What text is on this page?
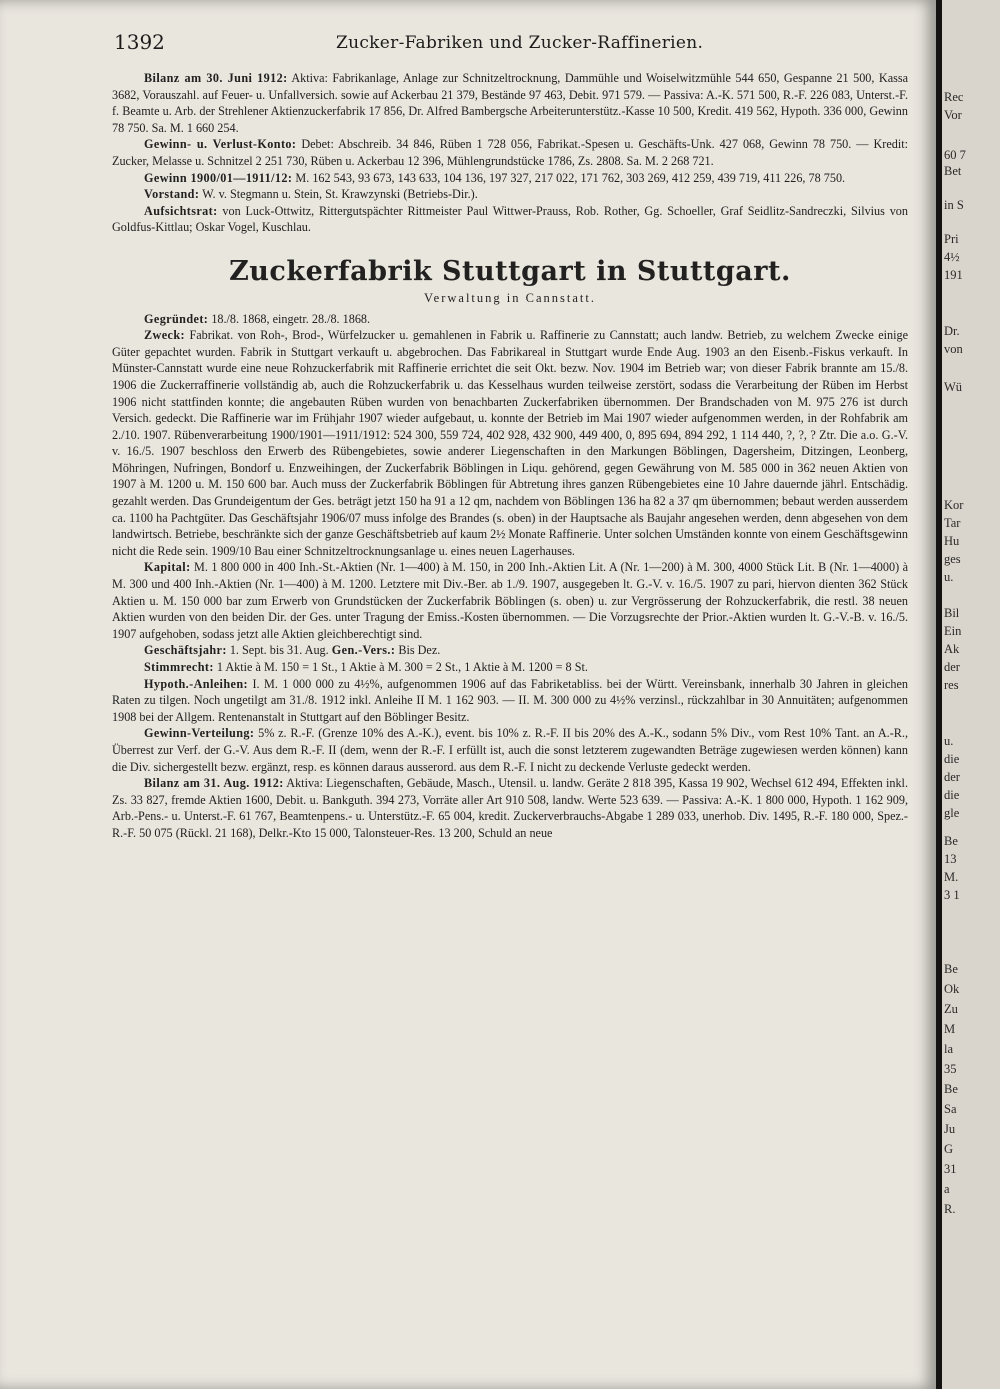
1392	Zucker-Fabriken und Zucker-Raffinerien.

Bilanz am 30. Juni 1912: Aktiva: Fabrikanlage, Anlage zur Schnitzeltrocknung, Dammühle und Woiselwitzmühle 544 650, Gespanne 21 500, Kassa 3682, Vorauszahl. auf Feuer- u. Unfallversich. sowie auf Ackerbau 21 379, Bestände 97 463, Debit. 971 579. — Passiva: A.-K. 571 500, R.-F. 226 083, Unterst.-F. f. Beamte u. Arb. der Strehlener Aktienzuckerfabrik 17 856, Dr. Alfred Bambergsche Arbeiterunterstütz.-Kasse 10 500, Kredit. 419 562, Hypoth. 336 000, Gewinn 78 750. Sa. M. 1 660 254.

Gewinn- u. Verlust-Konto: Debet: Abschreib. 34 846, Rüben 1 728 056, Fabrikat.-Spesen u. Geschäfts-Unk. 427 068, Gewinn 78 750. — Kredit: Zucker, Melasse u. Schnitzel 2 251 730, Rüben u. Ackerbau 12 396, Mühlengrundstücke 1786, Zs. 2808. Sa. M. 2 268 721.

Gewinn 1900/01—1911/12: M. 162 543, 93 673, 143 633, 104 136, 197 327, 217 022, 171 762, 303 269, 412 259, 439 719, 411 226, 78 750.

Vorstand: W. v. Stegmann u. Stein, St. Krawzynski (Betriebs-Dir.).

Aufsichtsrat: von Luck-Ottwitz, Rittergutspächter Rittmeister Paul Wittwer-Prauss, Rob. Rother, Gg. Schoeller, Graf Seidlitz-Sandreczki, Silvius von Goldfus-Kittlau; Oskar Vogel, Kuschlau.

Zuckerfabrik Stuttgart in Stuttgart.
Verwaltung in Cannstatt.

Gegründet: 18./8. 1868, eingetr. 28./8. 1868.

Zweck: Fabrikat. von Roh-, Brod-, Würfelzucker u. gemahlenen in Fabrik u. Raffinerie zu Cannstatt; auch landw. Betrieb, zu welchem Zwecke einige Güter gepachtet wurden. Fabrik in Stuttgart verkauft u. abgebrochen. Das Fabrikareal in Stuttgart wurde Ende Aug. 1903 an den Eisenb.-Fiskus verkauft. In Münster-Cannstatt wurde eine neue Rohzuckerfabrik mit Raffinerie errichtet die seit Okt. bezw. Nov. 1904 im Betrieb war; von dieser Fabrik brannte am 15./8. 1906 die Zuckerraffinerie vollständig ab, auch die Rohzuckerfabrik u. das Kesselhaus wurden teilweise zerstört, sodass die Verarbeitung der Rüben im Herbst 1906 nicht stattfinden konnte; die angebauten Rüben wurden von benachbarten Zuckerfabriken übernommen. Der Brandschaden von M. 975 276 ist durch Versich. gedeckt. Die Raffinerie war im Frühjahr 1907 wieder aufgebaut, u. konnte der Betrieb im Mai 1907 wieder aufgenommen werden, in der Rohfabrik am 2./10. 1907. Rübenverarbeitung 1900/1901—1911/1912: 524 300, 559 724, 402 928, 432 900, 449 400, 0, 895 694, 894 292, 1 114 440, ?, ?, ? Ztr. Die a.o. G.-V. v. 16./5. 1907 beschloss den Erwerb des Rübengebietes, sowie anderer Liegenschaften in den Markungen Böblingen, Dagersheim, Ditzingen, Leonberg, Möhringen, Nufringen, Bondorf u. Enzweihingen, der Zuckerfabrik Böblingen in Liqu. gehörend, gegen Gewährung von M. 585 000 in 362 neuen Aktien von 1907 à M. 1200 u. M. 150 600 bar. Auch muss der Zuckerfabrik Böblingen für Abtretung ihres ganzen Rübengebietes eine 10 Jahre dauernde jährl. Entschädig. gezahlt werden. Das Grundeigentum der Ges. beträgt jetzt 150 ha 91 a 12 qm, nachdem von Böblingen 136 ha 82 a 37 qm übernommen; bebaut werden ausserdem ca. 1100 ha Pachtgüter. Das Geschäftsjahr 1906/07 muss infolge des Brandes (s. oben) in der Hauptsache als Baujahr angesehen werden, denn abgesehen von dem landwirtsch. Betriebe, beschränkte sich der ganze Geschäftsbetrieb auf kaum 2½ Monate Raffinerie. Unter solchen Umständen konnte von einem Geschäftsgewinn nicht die Rede sein. 1909/10 Bau einer Schnitzeltrocknungsanlage u. eines neuen Lagerhauses.

Kapital: M. 1 800 000 in 400 Inh.-St.-Aktien (Nr. 1—400) à M. 150, in 200 Inh.-Aktien Lit. A (Nr. 1—200) à M. 300, 4000 Stück Lit. B (Nr. 1—4000) à M. 300 und 400 Inh.-Aktien (Nr. 1—400) à M. 1200. Letztere mit Div.-Ber. ab 1./9. 1907, ausgegeben lt. G.-V. v. 16./5. 1907 zu pari, hiervon dienten 362 Stück Aktien u. M. 150 000 bar zum Erwerb von Grundstücken der Zuckerfabrik Böblingen (s. oben) u. zur Vergrösserung der Rohzuckerfabrik, die restl. 38 neuen Aktien wurden von den beiden Dir. der Ges. unter Tragung der Emiss.-Kosten übernommen. — Die Vorzugsrechte der Prior.-Aktien wurden lt. G.-V.-B. v. 16./5. 1907 aufgehoben, sodass jetzt alle Aktien gleichberechtigt sind.

Geschäftsjahr: 1. Sept. bis 31. Aug. Gen.-Vers.: Bis Dez.

Stimmrecht: 1 Aktie à M. 150 = 1 St., 1 Aktie à M. 300 = 2 St., 1 Aktie à M. 1200 = 8 St.

Hypoth.-Anleihen: I. M. 1 000 000 zu 4½%, aufgenommen 1906 auf das Fabriketabliss. bei der Württ. Vereinsbank, innerhalb 30 Jahren in gleichen Raten zu tilgen. Noch ungetilgt am 31./8. 1912 inkl. Anleihe II M. 1 162 903. — II. M. 300 000 zu 4½% verzinsl., rückzahlbar in 30 Annuitäten; aufgenommen 1908 bei der Allgem. Rentenanstalt in Stuttgart auf den Böblinger Besitz.

Gewinn-Verteilung: 5% z. R.-F. (Grenze 10% des A.-K.), event. bis 10% z. R.-F. II bis 20% des A.-K., sodann 5% Div., vom Rest 10% Tant. an A.-R., Überrest zur Verf. der G.-V. Aus dem R.-F. II (dem, wenn der R.-F. I erfüllt ist, auch die sonst letzterem zugewandten Beträge zugewiesen werden können) kann die Div. sichergestellt bezw. ergänzt, resp. es können daraus ausserord. aus dem R.-F. I nicht zu deckende Verluste gedeckt werden.

Bilanz am 31. Aug. 1912: Aktiva: Liegenschaften, Gebäude, Masch., Utensil. u. landw. Geräte 2 818 395, Kassa 19 902, Wechsel 612 494, Effekten inkl. Zs. 33 827, fremde Aktien 1600, Debit. u. Bankguth. 394 273, Vorräte aller Art 910 508, landw. Werte 523 639. — Passiva: A.-K. 1 800 000, Hypoth. 1 162 909, Arb.-Pens.- u. Unterst.-F. 61 767, Beamtenpens.- u. Unterstütz.-F. 65 004, kredit. Zuckerverbrauchs-Abgabe 1 289 033, unerhob. Div. 1495, R.-F. 180 000, Spez.-R.-F. 50 075 (Rückl. 21 168), Delkr.-Kto 15 000, Talonsteuer-Res. 13 200, Schuld an neue

Rec
Vor
60 7
Bet
in S
Pri
4½
191
Dr.
von
Wü
Kor
Tar
Hu
ges
u.
Bil
Ein
Ak
der
res
u.
die
der
die
gle
Be
13
M.
3 1
Be
Ok
Zu
M
la
35
Be
Sa
Ju
G
31
a
R.
